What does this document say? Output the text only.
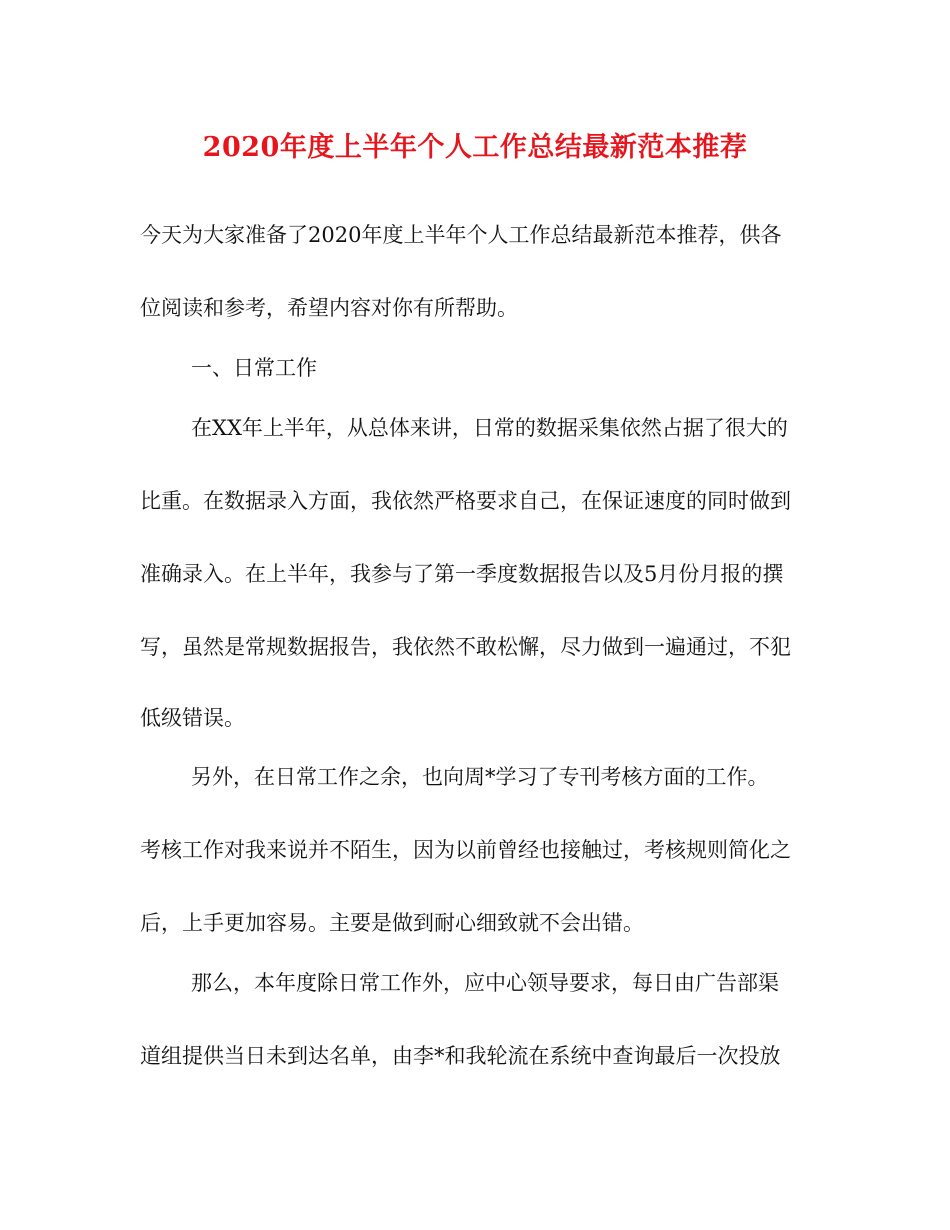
2020年度上半年个人工作总结最新范本推荐
今天为大家准备了2020年度上半年个人工作总结最新范本推荐，供各
位阅读和参考，希望内容对你有所帮助。
一、日常工作
在XX年上半年，从总体来讲，日常的数据采集依然占据了很大的
比重。在数据录入方面，我依然严格要求自己，在保证速度的同时做到
准确录入。在上半年，我参与了第一季度数据报告以及5月份月报的撰
写，虽然是常规数据报告，我依然不敢松懈，尽力做到一遍通过，不犯
低级错误。
另外，在日常工作之余，也向周*学习了专刊考核方面的工作。
考核工作对我来说并不陌生，因为以前曾经也接触过，考核规则简化之
后，上手更加容易。主要是做到耐心细致就不会出错。
那么，本年度除日常工作外，应中心领导要求，每日由广告部渠
道组提供当日未到达名单，由李*和我轮流在系统中查询最后一次投放
